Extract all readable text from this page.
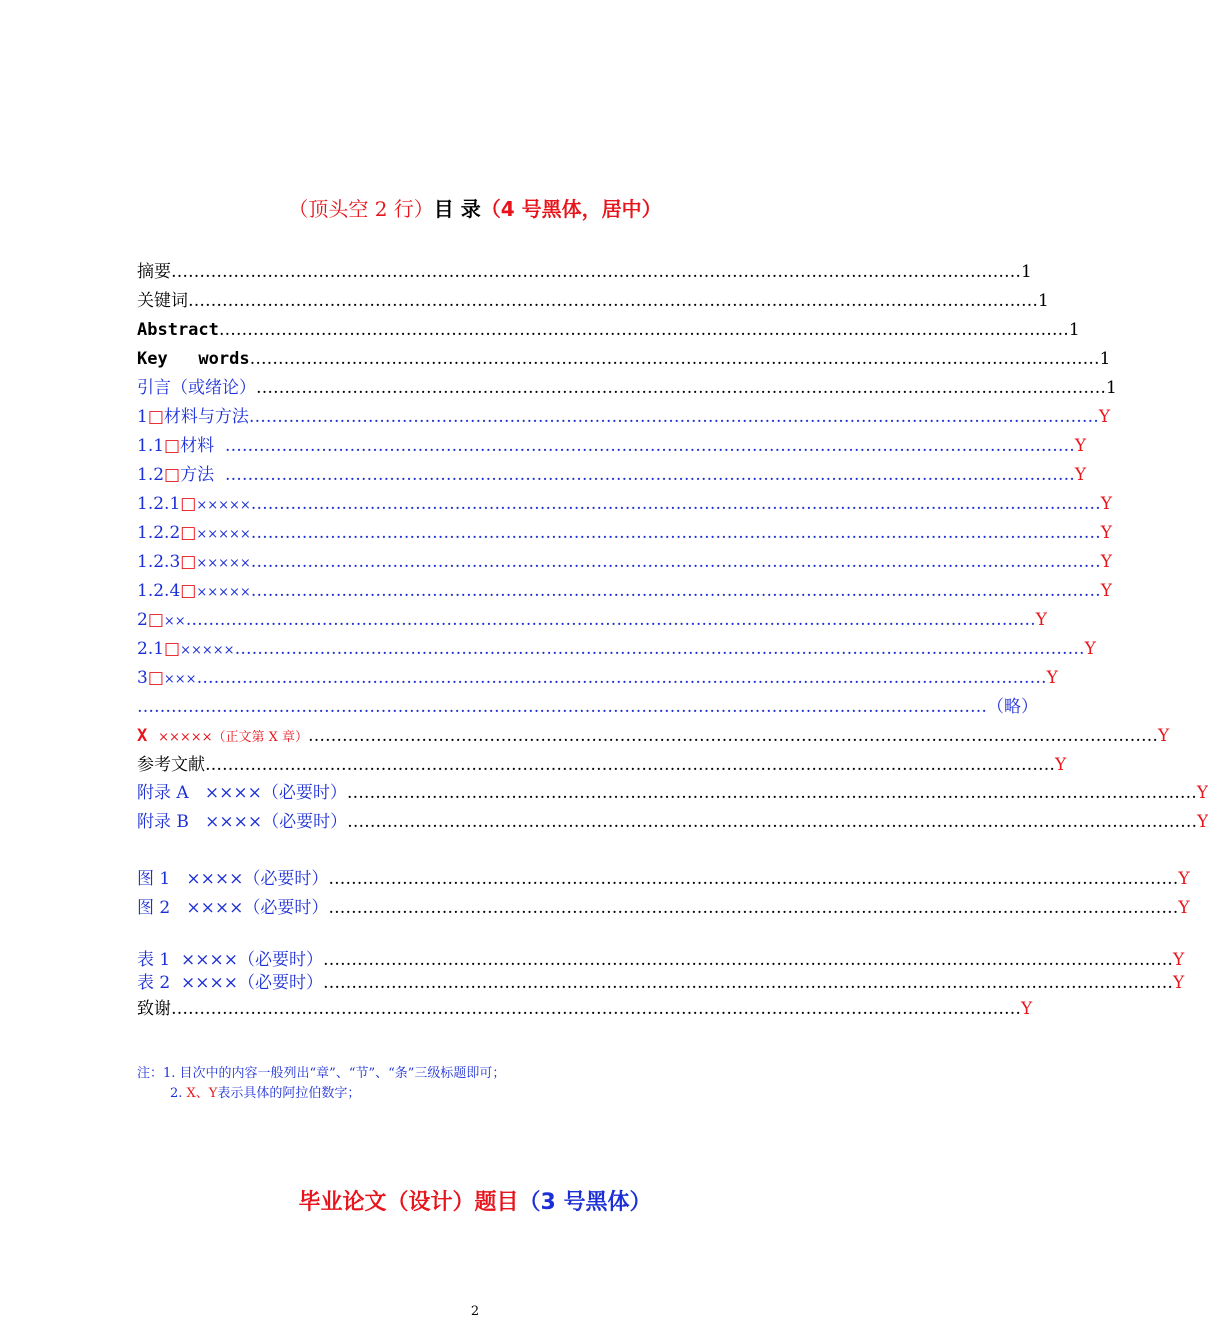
（顶头空 2 行）目 录（4 号黑体，居中）
摘要 …………………………………………………………………………………………………………………………………… 1
关键词 …………………………………………………………………………………………………………………………………… 1
Abstract …………………………………………………………………………………………………………………………………… 1
Key   words …………………………………………………………………………………………………………………………………… 1
引言（或绪论） …………………………………………………………………………………………………………………………………… 1
1□材料与方法 …………………………………………………………………………………………………………………………………… Y
1.1□材料 …………………………………………………………………………………………………………………………………… Y
1.2□方法 …………………………………………………………………………………………………………………………………… Y
1.2.1□××××× …………………………………………………………………………………………………………………………………… Y
1.2.2□××××× …………………………………………………………………………………………………………………………………… Y
1.2.3□××××× …………………………………………………………………………………………………………………………………… Y
1.2.4□××××× …………………………………………………………………………………………………………………………………… Y
2□×× …………………………………………………………………………………………………………………………………… Y
2.1□××××× …………………………………………………………………………………………………………………………………… Y
3□××× …………………………………………………………………………………………………………………………………… Y
…………………………………………………………………………………………………………………………………… （略）
X ×××××（正文第 X 章） …………………………………………………………………………………………………………………………………… Y
参考文献 …………………………………………………………………………………………………………………………………… Y
附录 A   ××××（必要时） …………………………………………………………………………………………………………………………………… Y
附录 B   ××××（必要时） …………………………………………………………………………………………………………………………………… Y
图 1   ××××（必要时） …………………………………………………………………………………………………………………………………… Y
图 2   ××××（必要时） …………………………………………………………………………………………………………………………………… Y
表 1  ××××（必要时） …………………………………………………………………………………………………………………………………… Y
表 2  ××××（必要时） …………………………………………………………………………………………………………………………………… Y
致谢 …………………………………………………………………………………………………………………………………… Y
注：1. 目次中的内容一般列出“章”、“节”、“条”三级标题即可；
2. X、Y表示具体的阿拉伯数字；
毕业论文（设计）题目（3 号黑体）
2
